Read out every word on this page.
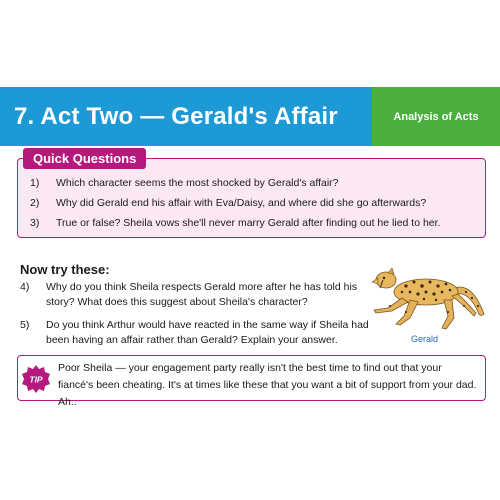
7. Act Two — Gerald's Affair	Analysis of Acts
Quick Questions
1)	Which character seems the most shocked by Gerald's affair?
2)	Why did Gerald end his affair with Eva/Daisy, and where did she go afterwards?
3)	True or false? Sheila vows she'll never marry Gerald after finding out he lied to her.
Now try these:
4)	Why do you think Sheila respects Gerald more after he has told his story? What does this suggest about Sheila's character?
5)	Do you think Arthur would have reacted in the same way if Sheila had been having an affair rather than Gerald? Explain your answer.	Gerald
TIP
Poor Sheila — your engagement party really isn't the best time to find out that your fiancé's been cheating. It's at times like these that you want a bit of support from your dad. Ah..
